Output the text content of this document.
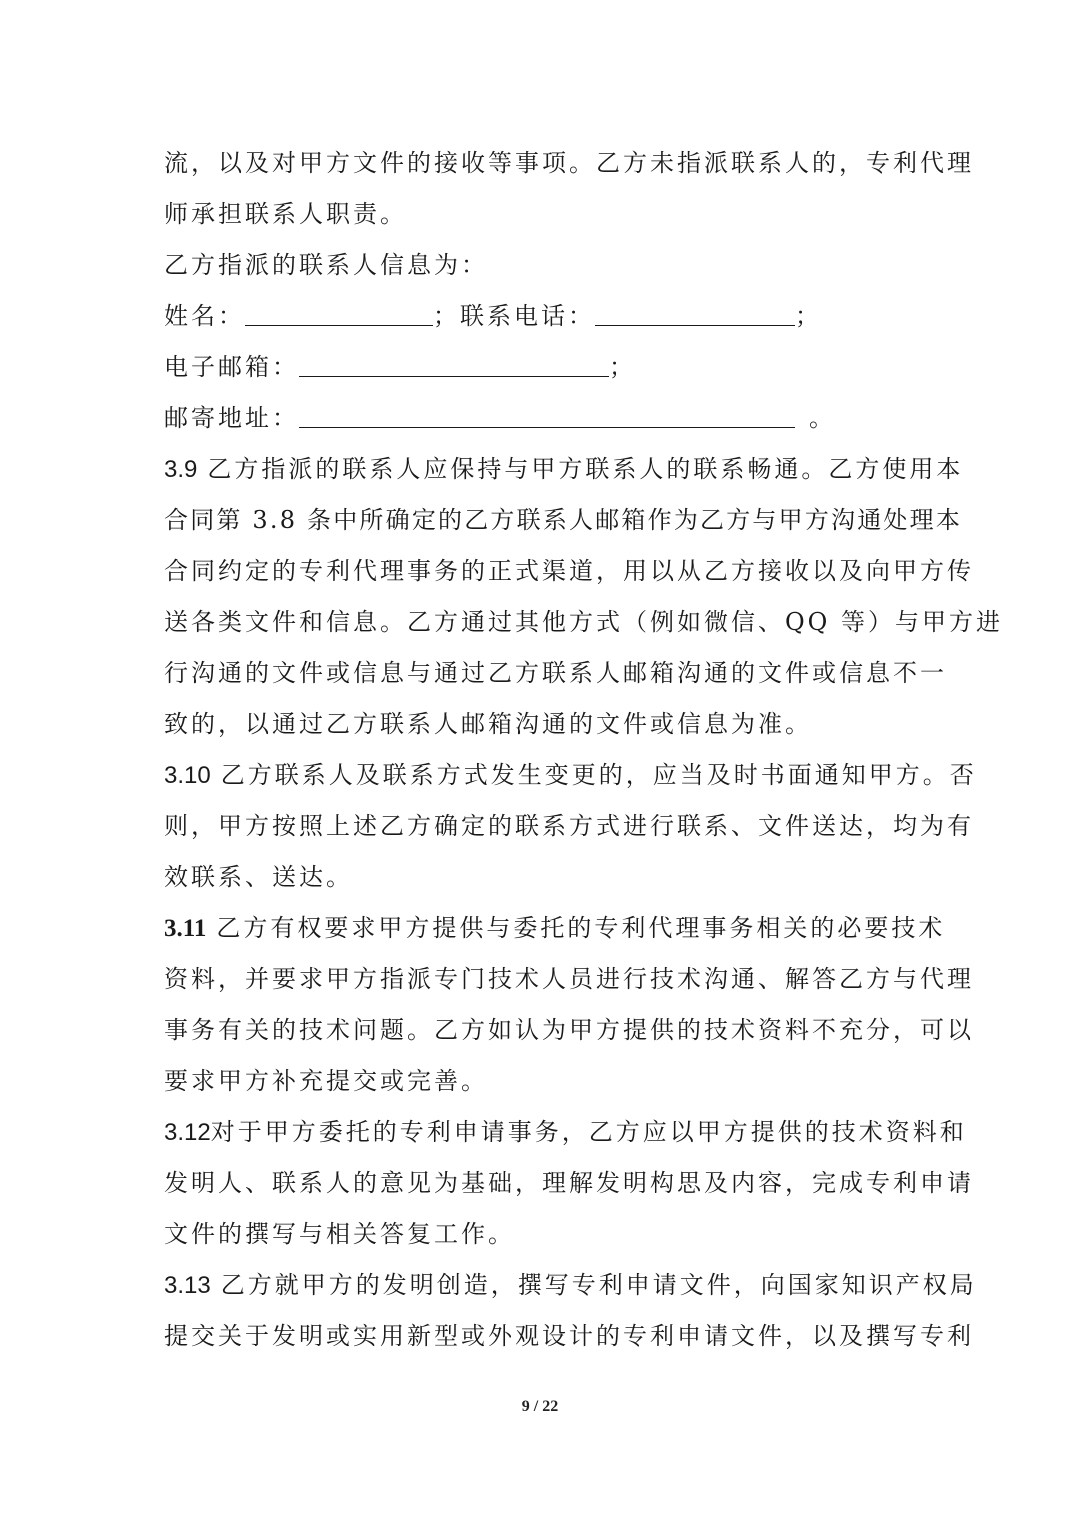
流，以及对甲方文件的接收等事项。乙方未指派联系人的，专利代理
师承担联系人职责。
乙方指派的联系人信息为：
姓名：	；联系电话：	；
电子邮箱：	；
邮寄地址：	。
3.9 乙方指派的联系人应保持与甲方联系人的联系畅通。乙方使用本
合同第 3.8 条中所确定的乙方联系人邮箱作为乙方与甲方沟通处理本
合同约定的专利代理事务的正式渠道，用以从乙方接收以及向甲方传
送各类文件和信息。乙方通过其他方式（例如微信、QQ 等）与甲方进
行沟通的文件或信息与通过乙方联系人邮箱沟通的文件或信息不一
致的，以通过乙方联系人邮箱沟通的文件或信息为准。
3.10 乙方联系人及联系方式发生变更的，应当及时书面通知甲方。否
则，甲方按照上述乙方确定的联系方式进行联系、文件送达，均为有
效联系、送达。
3.11 乙方有权要求甲方提供与委托的专利代理事务相关的必要技术
资料，并要求甲方指派专门技术人员进行技术沟通、解答乙方与代理
事务有关的技术问题。乙方如认为甲方提供的技术资料不充分，可以
要求甲方补充提交或完善。
3.12对于甲方委托的专利申请事务，乙方应以甲方提供的技术资料和
发明人、联系人的意见为基础，理解发明构思及内容，完成专利申请
文件的撰写与相关答复工作。
3.13 乙方就甲方的发明创造，撰写专利申请文件，向国家知识产权局
提交关于发明或实用新型或外观设计的专利申请文件，以及撰写专利
9 / 22
